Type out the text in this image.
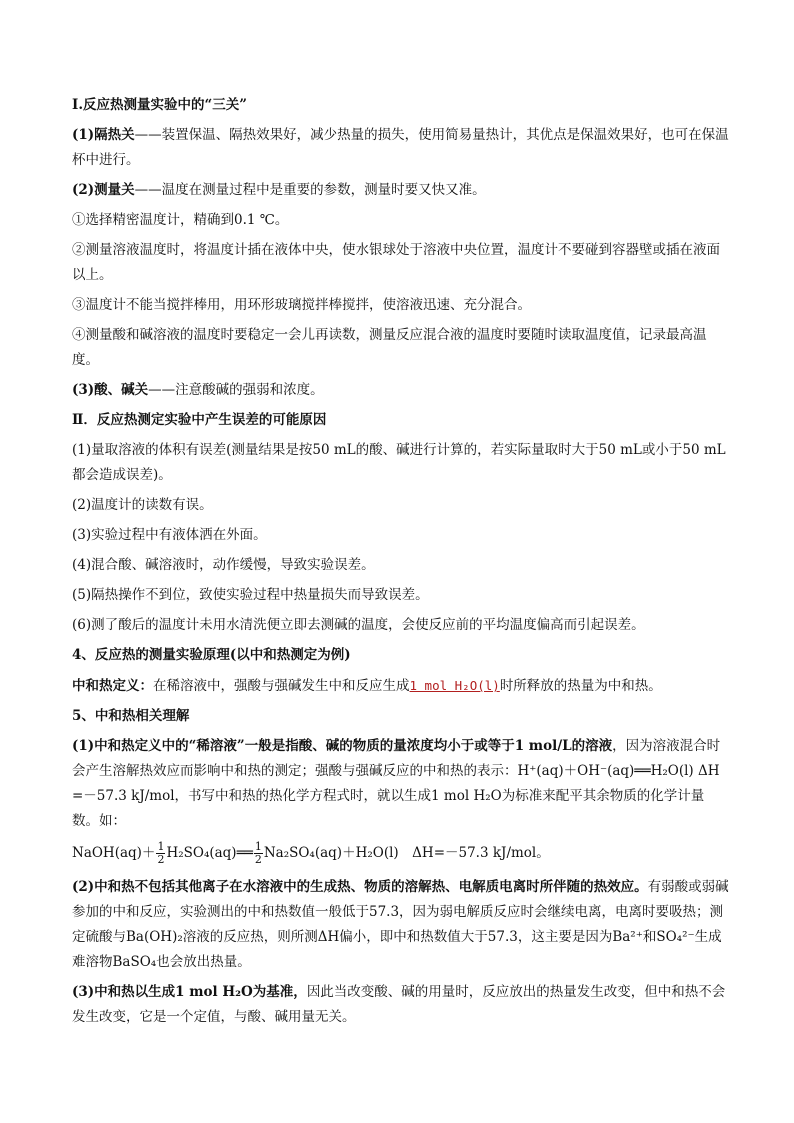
Ⅰ.反应热测量实验中的“三关”

(1)隔热关——装置保温、隔热效果好，减少热量的损失，使用简易量热计，其优点是保温效果好，也可在保温杯中进行。

(2)测量关——温度在测量过程中是重要的参数，测量时要又快又准。

①选择精密温度计，精确到0.1 ℃。

②测量溶液温度时，将温度计插在液体中央，使水银球处于溶液中央位置，温度计不要碰到容器壁或插在液面以上。

③温度计不能当搅拌棒用，用环形玻璃搅拌棒搅拌，使溶液迅速、充分混合。

④测量酸和碱溶液的温度时要稳定一会儿再读数，测量反应混合液的温度时要随时读取温度值，记录最高温度。

(3)酸、碱关——注意酸碱的强弱和浓度。

Ⅱ．反应热测定实验中产生误差的可能原因

(1)量取溶液的体积有误差(测量结果是按50 mL的酸、碱进行计算的，若实际量取时大于50 mL或小于50 mL都会造成误差)。

(2)温度计的读数有误。

(3)实验过程中有液体洒在外面。

(4)混合酸、碱溶液时，动作缓慢，导致实验误差。

(5)隔热操作不到位，致使实验过程中热量损失而导致误差。

(6)测了酸后的温度计未用水清洗便立即去测碱的温度，会使反应前的平均温度偏高而引起误差。

4、反应热的测量实验原理(以中和热测定为例)

中和热定义：在稀溶液中，强酸与强碱发生中和反应生成1 mol H₂O(l)时所释放的热量为中和热。

5、中和热相关理解

(1)中和热定义中的“稀溶液”一般是指酸、碱的物质的量浓度均小于或等于1 mol/L的溶液，因为溶液混合时会产生溶解热效应而影响中和热的测定；强酸与强碱反应的中和热的表示：H⁺(aq)＋OH⁻(aq)══H₂O(l) ΔH=－57.3 kJ/mol，书写中和热的热化学方程式时，就以生成1 mol H₂O为标准来配平其余物质的化学计量数。如：

NaOH(aq)＋ $\frac{1}{2}$ H₂SO₄(aq)══ $\frac{1}{2} Na_2SO_4(aq)+H_2O(l)$　ΔH=－57.3 kJ/mol。

(2)中和热不包括其他离子在水溶液中的生成热、物质的溶解热、电解质电离时所伴随的热效应。有弱酸或弱碱参加的中和反应，实验测出的中和热数值一般低于57.3，因为弱电解质反应时会继续电离，电离时要吸热；测定硫酸与Ba(OH)₂溶液的反应热，则所测ΔH偏小，即中和热数值大于57.3，这主要是因为Ba²⁺和SO₄²⁻生成难溶物BaSO₄也会放出热量。

(3)中和热以生成1 mol H₂O为基准，因此当改变酸、碱的用量时，反应放出的热量发生改变，但中和热不会发生改变，它是一个定值，与酸、碱用量无关。
